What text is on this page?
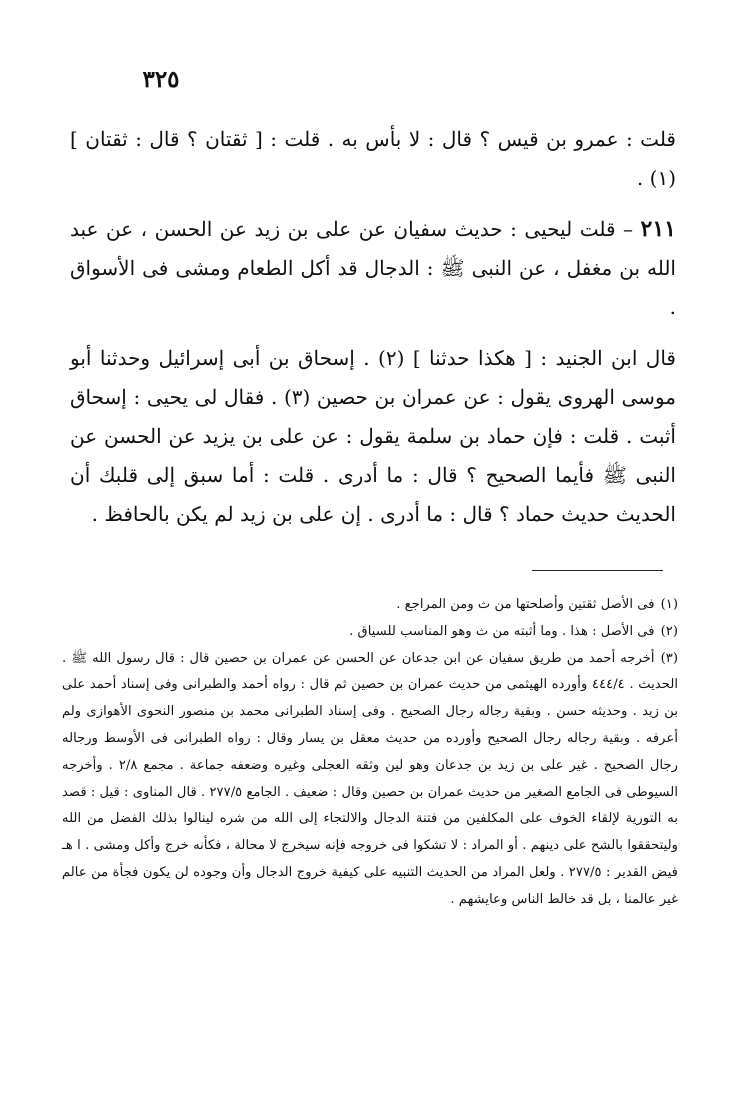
٣٢٥

قلت : عمرو بن قيس ؟ قال : لا بأس به . قلت : [ ثقتان ؟ قال : ثقتان ] (١) .

٢١١ – قلت ليحيى : حديث سفيان عن على بن زيد عن الحسن ، عن عبد الله بن مغفل ، عن النبى ﷺ : الدجال قد أكل الطعام ومشى فى الأسواق .

قال ابن الجنيد : [ هكذا حدثنا ] (٢) . إسحاق بن أبى إسرائيل وحدثنا أبو موسى الهروى يقول : عن عمران بن حصين (٣) . فقال لى يحيى : إسحاق أثبت . قلت : فإن حماد بن سلمة يقول : عن على بن يزيد عن الحسن عن النبى ﷺ فأيما الصحيح ؟ قال : ما أدرى . قلت : أما سبق إلى قلبك أن الحديث حديث حماد ؟ قال : ما أدرى . إن على بن زيد لم يكن بالحافظ .

(١)فى الأصل ثقتين وأصلحتها من ث ومن المراجع .

(٢)فى الأصل : هذا . وما أثبته من ث وهو المناسب للسياق .

(٣)أخرجه أحمد من طريق سفيان عن ابن جدعان عن الحسن عن عمران بن حصين قال : قال رسول الله ﷺ . الحديث . ٤٤٤/٤ وأورده الهيثمى من حديث عمران بن حصين ثم قال : رواه أحمد والطبرانى وفى إسناد أحمد على بن زيد . وحديثه حسن . وبقية رجاله رجال الصحيح . وفى إسناد الطبرانى محمد بن منصور النحوى الأهوازى ولم أعرفه . وبقية رجاله رجال الصحيح وأورده من حديث معقل بن يسار وقال : رواه الطبرانى فى الأوسط ورجاله رجال الصحيح . غير على بن زيد بن جدعان وهو لين وثقه العجلى وغيره وضعفه جماعة . مجمع ٢/٨ . وأخرجه السيوطى فى الجامع الصغير من حديث عمران بن حصين وقال : ضعيف . الجامع ٢٧٧/٥ . قال المناوى : قيل : قصد به التورية لإلقاء الخوف على المكلفين من فتنة الدجال والالتجاء إلى الله من شره لينالوا بذلك الفضل من الله وليتحققوا بالشح على دينهم . أو المراد : لا تشكوا فى خروجه فإنه سيخرج لا محالة ، فكأنه خرج وأكل ومشى . ا هـ فيض القدير : ٢٧٧/٥ . ولعل المراد من الحديث التنبيه على كيفية خروج الدجال وأن وجوده لن يكون فجأة من عالم غير عالمنا ، بل قد خالط الناس وعايشهم .
